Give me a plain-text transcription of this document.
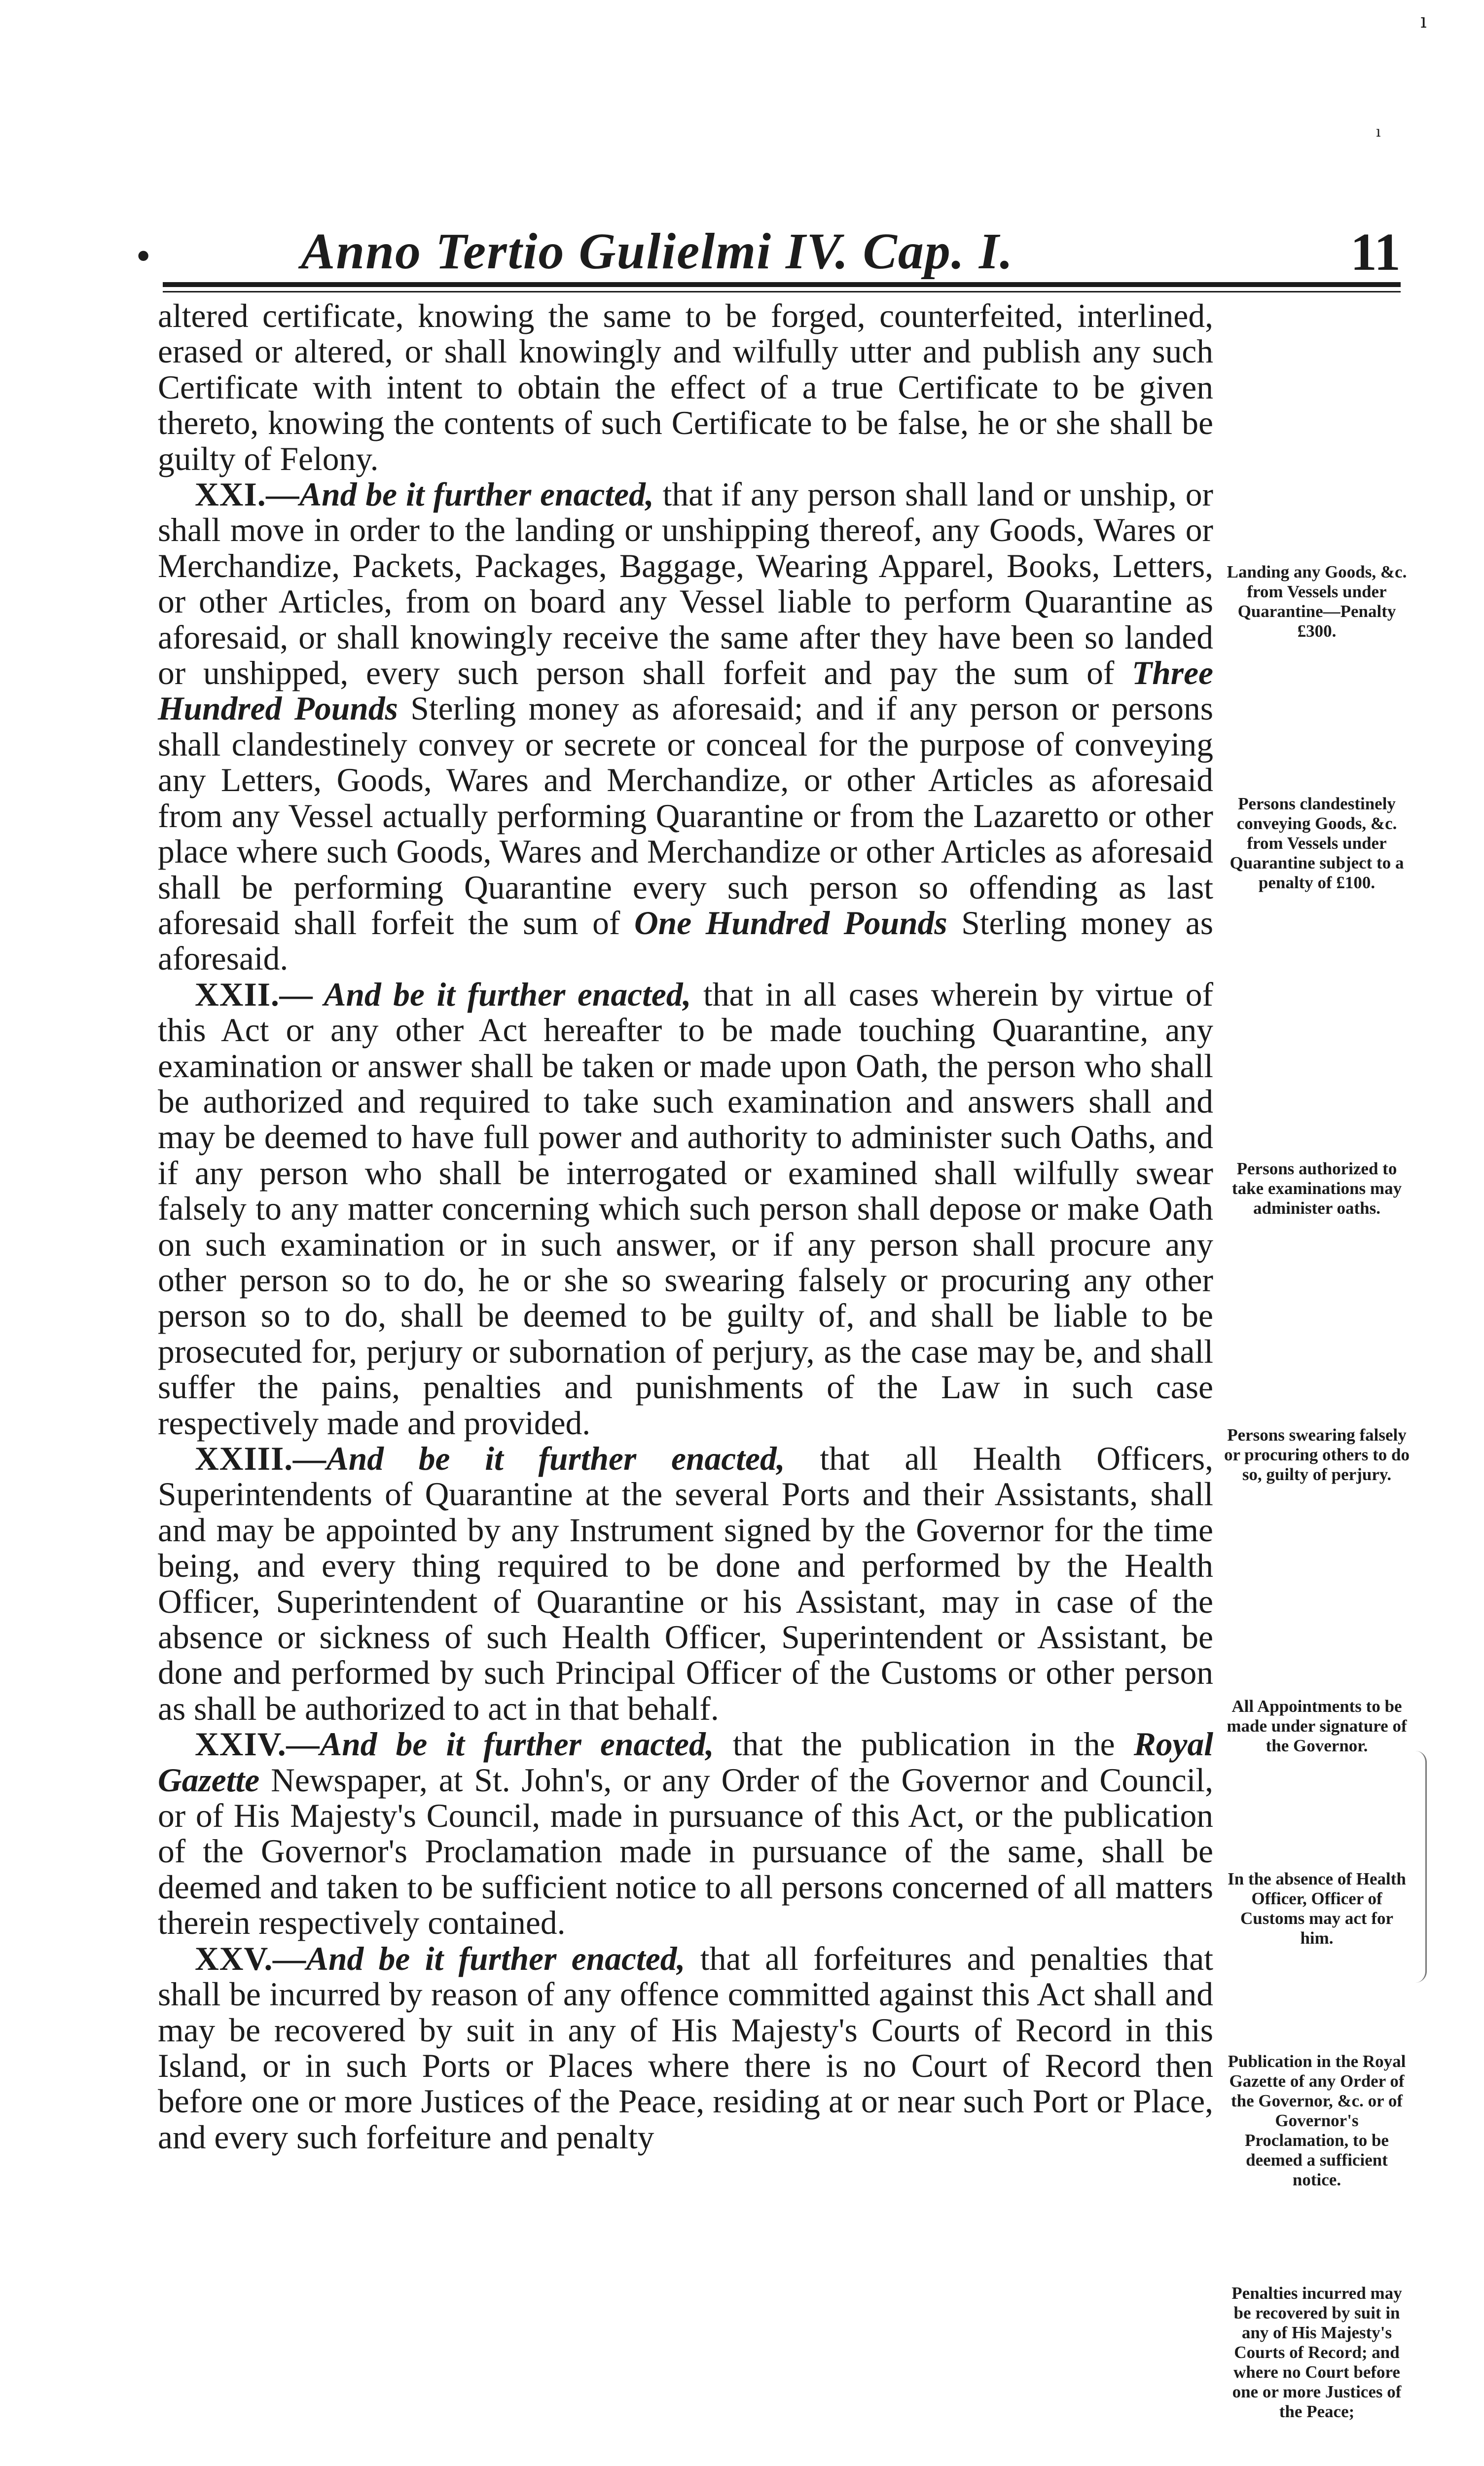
ı
ı
•	Anno Tertio Gulielmi IV. Cap. I.	11

altered certificate, knowing the same to be forged, counterfeited, interlined, erased or altered, or shall knowingly and wilfully utter and publish any such Certificate with intent to obtain the effect of a true Certificate to be given thereto, knowing the contents of such Certificate to be false, he or she shall be guilty of Felony.

XXI.—And be it further enacted, that if any person shall land or unship, or shall move in order to the landing or unshipping thereof, any Goods, Wares or Merchandize, Packets, Packages, Baggage, Wearing Apparel, Books, Letters, or other Articles, from on board any Vessel liable to perform Quarantine as aforesaid, or shall knowingly receive the same after they have been so landed or unshipped, every such person shall forfeit and pay the sum of Three Hundred Pounds Sterling money as aforesaid; and if any person or persons shall clandestinely convey or secrete or conceal for the purpose of conveying any Letters, Goods, Wares and Merchandize, or other Articles as aforesaid from any Vessel actually performing Quarantine or from the Lazaretto or other place where such Goods, Wares and Merchandize or other Articles as aforesaid shall be performing Quarantine every such person so offending as last aforesaid shall forfeit the sum of One Hundred Pounds Sterling money as aforesaid.

XXII.— And be it further enacted, that in all cases wherein by virtue of this Act or any other Act hereafter to be made touching Quarantine, any examination or answer shall be taken or made upon Oath, the person who shall be authorized and required to take such examination and answers shall and may be deemed to have full power and authority to administer such Oaths, and if any person who shall be interrogated or examined shall wilfully swear falsely to any matter concerning which such person shall depose or make Oath on such examination or in such answer, or if any person shall procure any other person so to do, he or she so swearing falsely or procuring any other person so to do, shall be deemed to be guilty of, and shall be liable to be prosecuted for, perjury or subornation of perjury, as the case may be, and shall suffer the pains, penalties and punishments of the Law in such case respectively made and provided.

XXIII.—And be it further enacted, that all Health Officers, Superintendents of Quarantine at the several Ports and their Assistants, shall and may be appointed by any Instrument signed by the Governor for the time being, and every thing required to be done and performed by the Health Officer, Superintendent of Quarantine or his Assistant, may in case of the absence or sickness of such Health Officer, Superintendent or Assistant, be done and performed by such Principal Officer of the Customs or other person as shall be authorized to act in that behalf.

XXIV.—And be it further enacted, that the publication in the Royal Gazette Newspaper, at St. John's, or any Order of the Governor and Council, or of His Majesty's Council, made in pursuance of this Act, or the publication of the Governor's Proclamation made in pursuance of the same, shall be deemed and taken to be sufficient notice to all persons concerned of all matters therein respectively contained.

XXV.—And be it further enacted, that all forfeitures and penalties that shall be incurred by reason of any offence committed against this Act shall and may be recovered by suit in any of His Majesty's Courts of Record in this Island, or in such Ports or Places where there is no Court of Record then before one or more Justices of the Peace, residing at or near such Port or Place, and every such forfeiture and penalty

Landing any Goods, &c. from Vessels under Quarantine—Penalty £300.
Persons clandestinely conveying Goods, &c. from Vessels under Quarantine subject to a penalty of £100.
Persons authorized to take examinations may administer oaths.
Persons swearing falsely or procuring others to do so, guilty of perjury.
All Appointments to be made under signature of the Governor.
In the absence of Health Officer, Officer of Customs may act for him.
Publication in the Royal Gazette of any Order of the Governor, &c. or of Governor's Proclamation, to be deemed a sufficient notice.
Penalties incurred may be recovered by suit in any of His Majesty's Courts of Record; and where no Court before one or more Justices of the Peace;
